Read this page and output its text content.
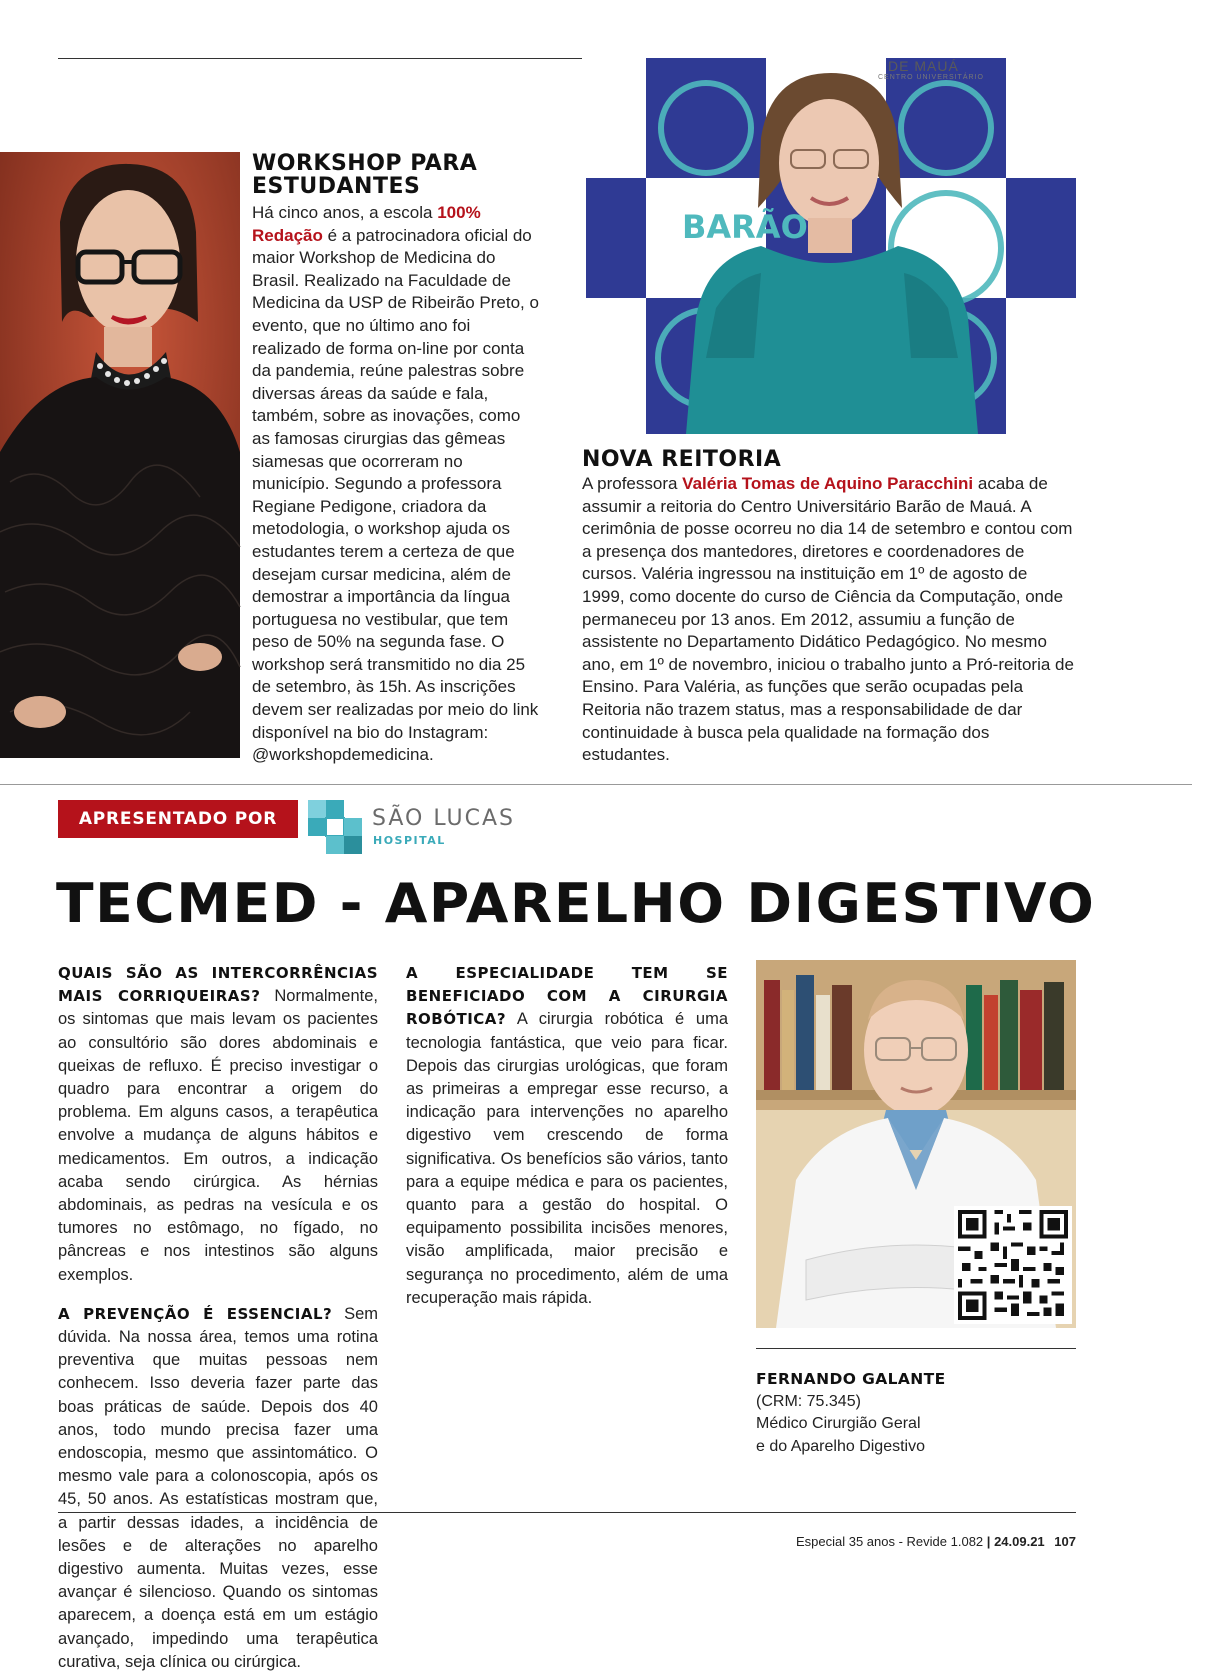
WORKSHOP PARA ESTUDANTES

Há cinco anos, a escola 100% Redação é a patrocinadora oficial do maior Workshop de Medicina do Brasil. Realizado na Faculdade de Medicina da USP de Ribeirão Preto, o evento, que no último ano foi realizado de forma on-line por conta da pandemia, reúne palestras sobre diversas áreas da saúde e fala, também, sobre as inovações, como as famosas cirurgias das gêmeas siamesas que ocorreram no município. Segundo a professora Regiane Pedigone, criadora da metodologia, o workshop ajuda os estudantes terem a certeza de que desejam cursar medicina, além de demostrar a importância da língua portuguesa no vestibular, que tem peso de 50% na segunda fase. O workshop será transmitido no dia 25 de setembro, às 15h. As inscrições devem ser realizadas por meio do link disponível na bio do Instagram: @workshopdemedicina.

DE MAUÁ
CENTRO UNIVERSITÁRIO
BARÃO
NOVA REITORIA

A professora Valéria Tomas de Aquino Paracchini acaba de assumir a reitoria do Centro Universitário Barão de Mauá. A cerimônia de posse ocorreu no dia 14 de setembro e contou com a presença dos mantedores, diretores e coordenadores de cursos. Valéria ingressou na instituição em 1º de agosto de 1999, como docente do curso de Ciência da Computação, onde permaneceu por 13 anos. Em 2012, assumiu a função de assistente no Departamento Didático Pedagógico. No mesmo ano, em 1º de novembro, iniciou o trabalho junto a Pró-reitoria de Ensino. Para Valéria, as funções que serão ocupadas pela Reitoria não trazem status, mas a responsabilidade de dar continuidade à busca pela qualidade na formação dos estudantes.

APRESENTADO POR	SÃO LUCAS
HOSPITAL
TECMED - APARELHO DIGESTIVO
QUAIS SÃO AS INTERCORRÊNCIAS MAIS CORRIQUEIRAS? Normalmente, os sintomas que mais levam os pacientes ao consultório são dores abdominais e queixas de refluxo. É preciso investigar o quadro para encontrar a origem do problema. Em alguns casos, a terapêutica envolve a mudança de alguns hábitos e medicamentos. Em outros, a indicação acaba sendo cirúrgica. As hérnias abdominais, as pedras na vesícula e os tumores no estômago, no fígado, no pâncreas e nos intestinos são alguns exemplos.
A PREVENÇÃO É ESSENCIAL? Sem dúvida. Na nossa área, temos uma rotina preventiva que muitas pessoas nem conhecem. Isso deveria fazer parte das boas práticas de saúde. Depois dos 40 anos, todo mundo precisa fazer uma endoscopia, mesmo que assintomático. O mesmo vale para a colonoscopia, após os 45, 50 anos. As estatísticas mostram que, a partir dessas idades, a incidência de lesões e de alterações no aparelho digestivo aumenta. Muitas vezes, esse avançar é silencioso. Quando os sintomas aparecem, a doença está em um estágio avançado, impedindo uma terapêutica curativa, seja clínica ou cirúrgica.
A ESPECIALIDADE TEM SE BENEFICIADO COM A CIRURGIA ROBÓTICA? A cirurgia robótica é uma tecnologia fantástica, que veio para ficar. Depois das cirurgias urológicas, que foram as primeiras a empregar esse recurso, a indicação para intervenções no aparelho digestivo vem crescendo de forma significativa. Os benefícios são vários, tanto para a equipe médica e para os pacientes, quanto para a gestão do hospital. O equipamento possibilita incisões menores, visão amplificada, maior precisão e segurança no procedimento, além de uma recuperação mais rápida.
FERNANDO GALANTE
(CRM: 75.345)
Médico Cirurgião Geral
e do Aparelho Digestivo
Especial 35 anos - Revide 1.082 | 24.09.21 107
